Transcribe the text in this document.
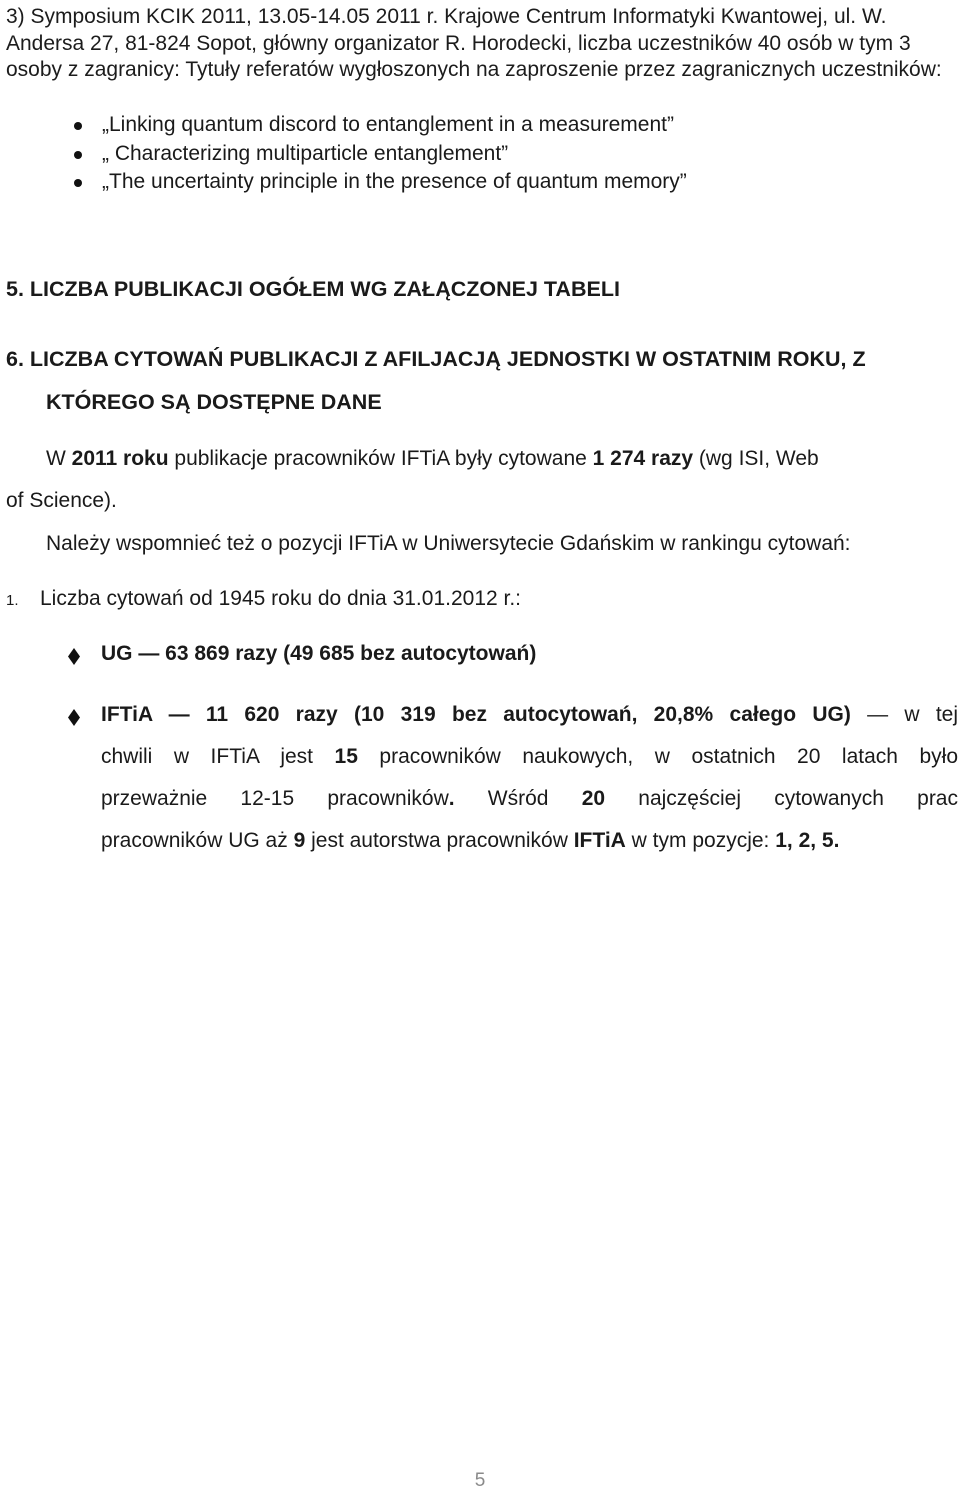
3) Symposium KCIK 2011, 13.05-14.05 2011 r. Krajowe Centrum Informatyki Kwantowej, ul. W. Andersa 27, 81-824 Sopot, główny organizator R. Horodecki, liczba uczestników 40 osób w tym 3 osoby z zagranicy: Tytuły referatów wygłoszonych na zaproszenie przez zagranicznych uczestników:
„Linking quantum discord to entanglement in a measurement”
„ Characterizing multiparticle entanglement”
„The uncertainty principle in the presence of quantum memory”
5. LICZBA PUBLIKACJI OGÓŁEM WG ZAŁĄCZONEJ TABELI
6. LICZBA CYTOWAŃ PUBLIKACJI Z AFILJACJĄ JEDNOSTKI W OSTATNIM ROKU, Z
KTÓREGO SĄ DOSTĘPNE DANE
W 2011 roku publikacje pracowników IFTiA były cytowane 1 274 razy (wg ISI, Web
of Science).
Należy wspomnieć też o pozycji IFTiA w Uniwersytecie Gdańskim w rankingu cytowań:
1. Liczba cytowań od 1945 roku do dnia 31.01.2012 r.:
UG — 63 869 razy (49 685 bez autocytowań)
IFTiA — 11 620 razy (10 319 bez autocytowań, 20,8% całego UG) — w tej
chwili w IFTiA jest 15 pracowników naukowych, w ostatnich 20 latach było
przeważnie 12-15 pracowników. Wśród 20 najczęściej cytowanych prac
pracowników UG aż 9 jest autorstwa pracowników IFTiA w tym pozycje: 1, 2, 5.
5
